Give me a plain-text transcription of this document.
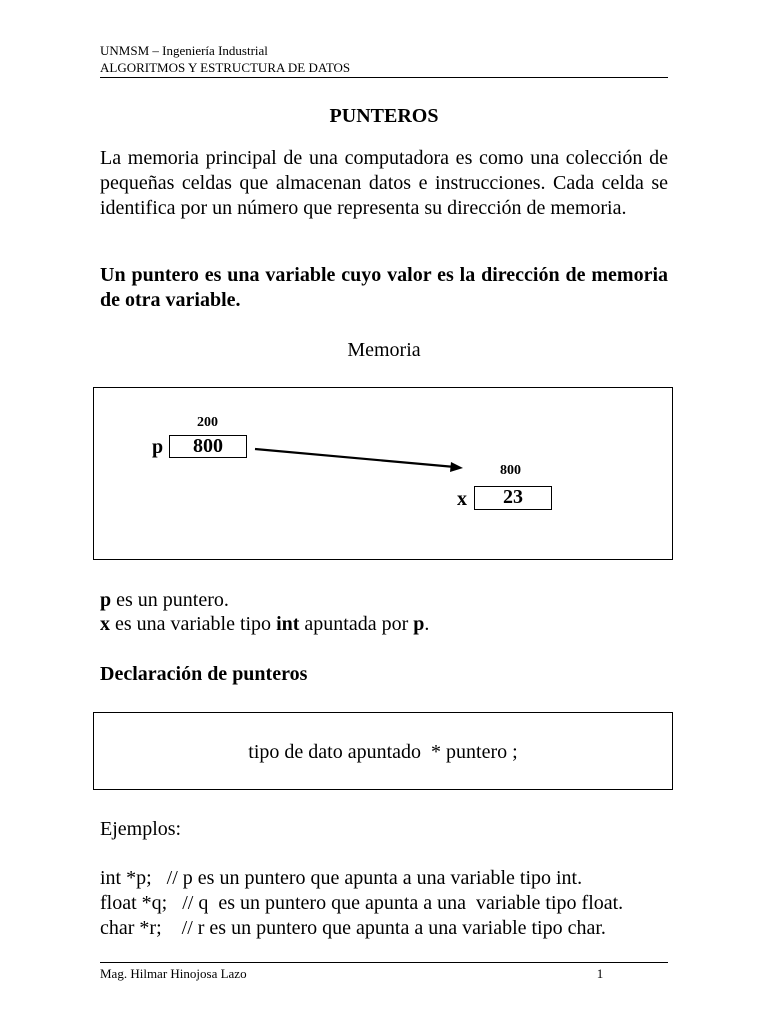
UNMSM – Ingeniería Industrial
ALGORITMOS Y ESTRUCTURA DE DATOS
PUNTEROS
La memoria principal de una computadora es como una colección de pequeñas celdas que almacenan datos e instrucciones. Cada celda se identifica por un número que representa su dirección de memoria.
Un puntero es una variable cuyo valor es la dirección de memoria de otra variable.
Memoria
200
p	800
800
x	23
p es un puntero.
x es una variable tipo int apuntada por p.
Declaración de punteros
tipo de dato apuntado  * puntero ;
Ejemplos:
int *p;   // p es un puntero que apunta a una variable tipo int.
float *q;   // q  es un puntero que apunta a una  variable tipo float.
char *r;    // r es un puntero que apunta a una variable tipo char.
Mag. Hilmar Hinojosa Lazo	1
